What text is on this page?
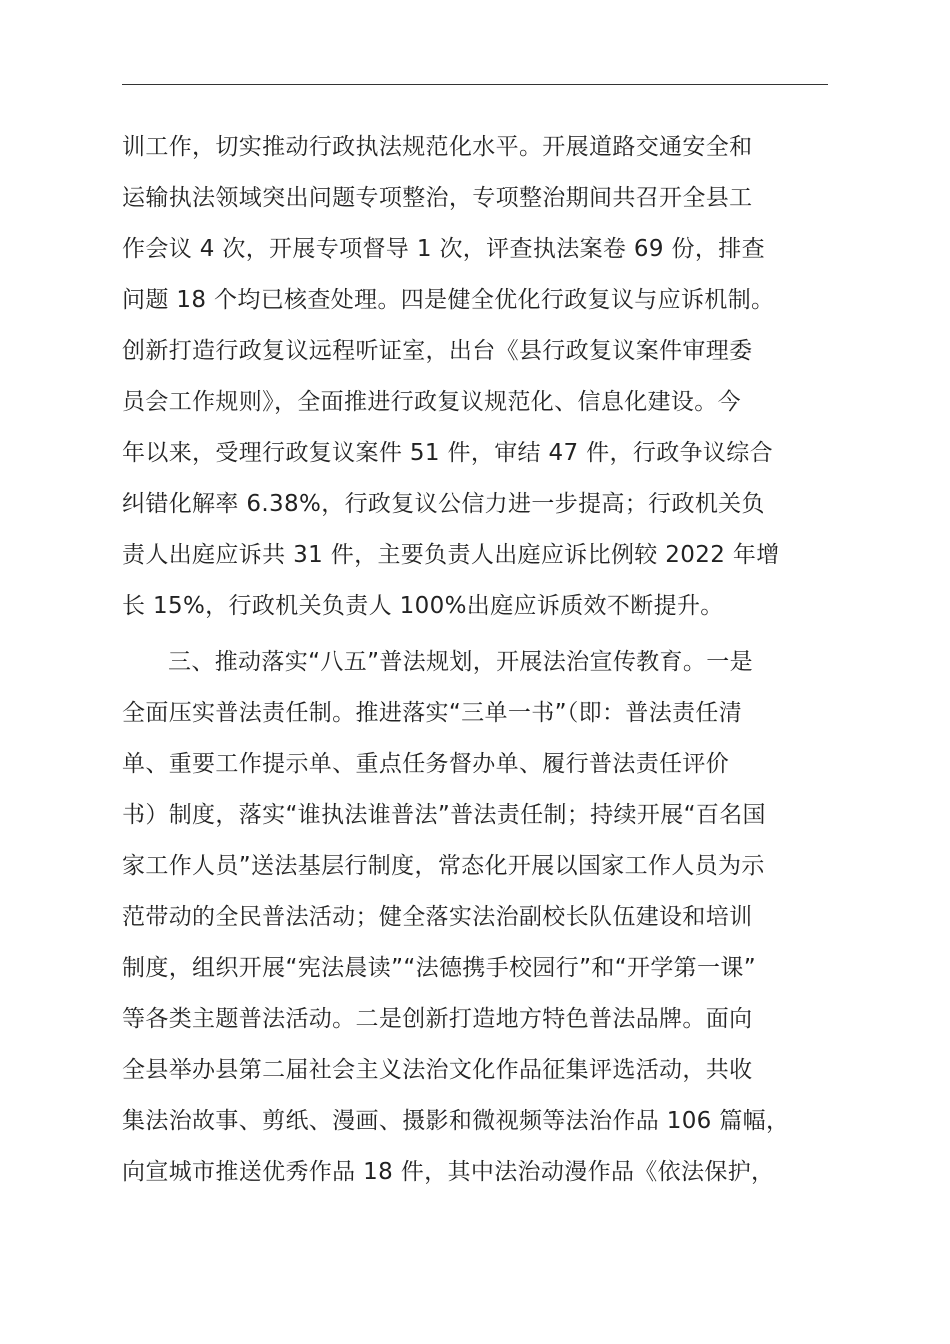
训工作，切实推动行政执法规范化水平。开展道路交通安全和
运输执法领域突出问题专项整治，专项整治期间共召开全县工
作会议 4 次，开展专项督导 1 次，评查执法案卷 69 份，排查
问题 18 个均已核查处理。四是健全优化行政复议与应诉机制。
创新打造行政复议远程听证室，出台《县行政复议案件审理委
员会工作规则》，全面推进行政复议规范化、信息化建设。今
年以来，受理行政复议案件 51 件，审结 47 件，行政争议综合
纠错化解率 6.38%，行政复议公信力进一步提高；行政机关负
责人出庭应诉共 31 件，主要负责人出庭应诉比例较 2022 年增
长 15%，行政机关负责人 100%出庭应诉质效不断提升。
三、推动落实“八五”普法规划，开展法治宣传教育。一是
全面压实普法责任制。推进落实“三单一书”（即：普法责任清
单、重要工作提示单、重点任务督办单、履行普法责任评价
书）制度，落实“谁执法谁普法”普法责任制；持续开展“百名国
家工作人员”送法基层行制度，常态化开展以国家工作人员为示
范带动的全民普法活动；健全落实法治副校长队伍建设和培训
制度，组织开展“宪法晨读”“法德携手校园行”和“开学第一课”
等各类主题普法活动。二是创新打造地方特色普法品牌。面向
全县举办县第二届社会主义法治文化作品征集评选活动，共收
集法治故事、剪纸、漫画、摄影和微视频等法治作品 106 篇幅，
向宣城市推送优秀作品 18 件，其中法治动漫作品《依法保护，
